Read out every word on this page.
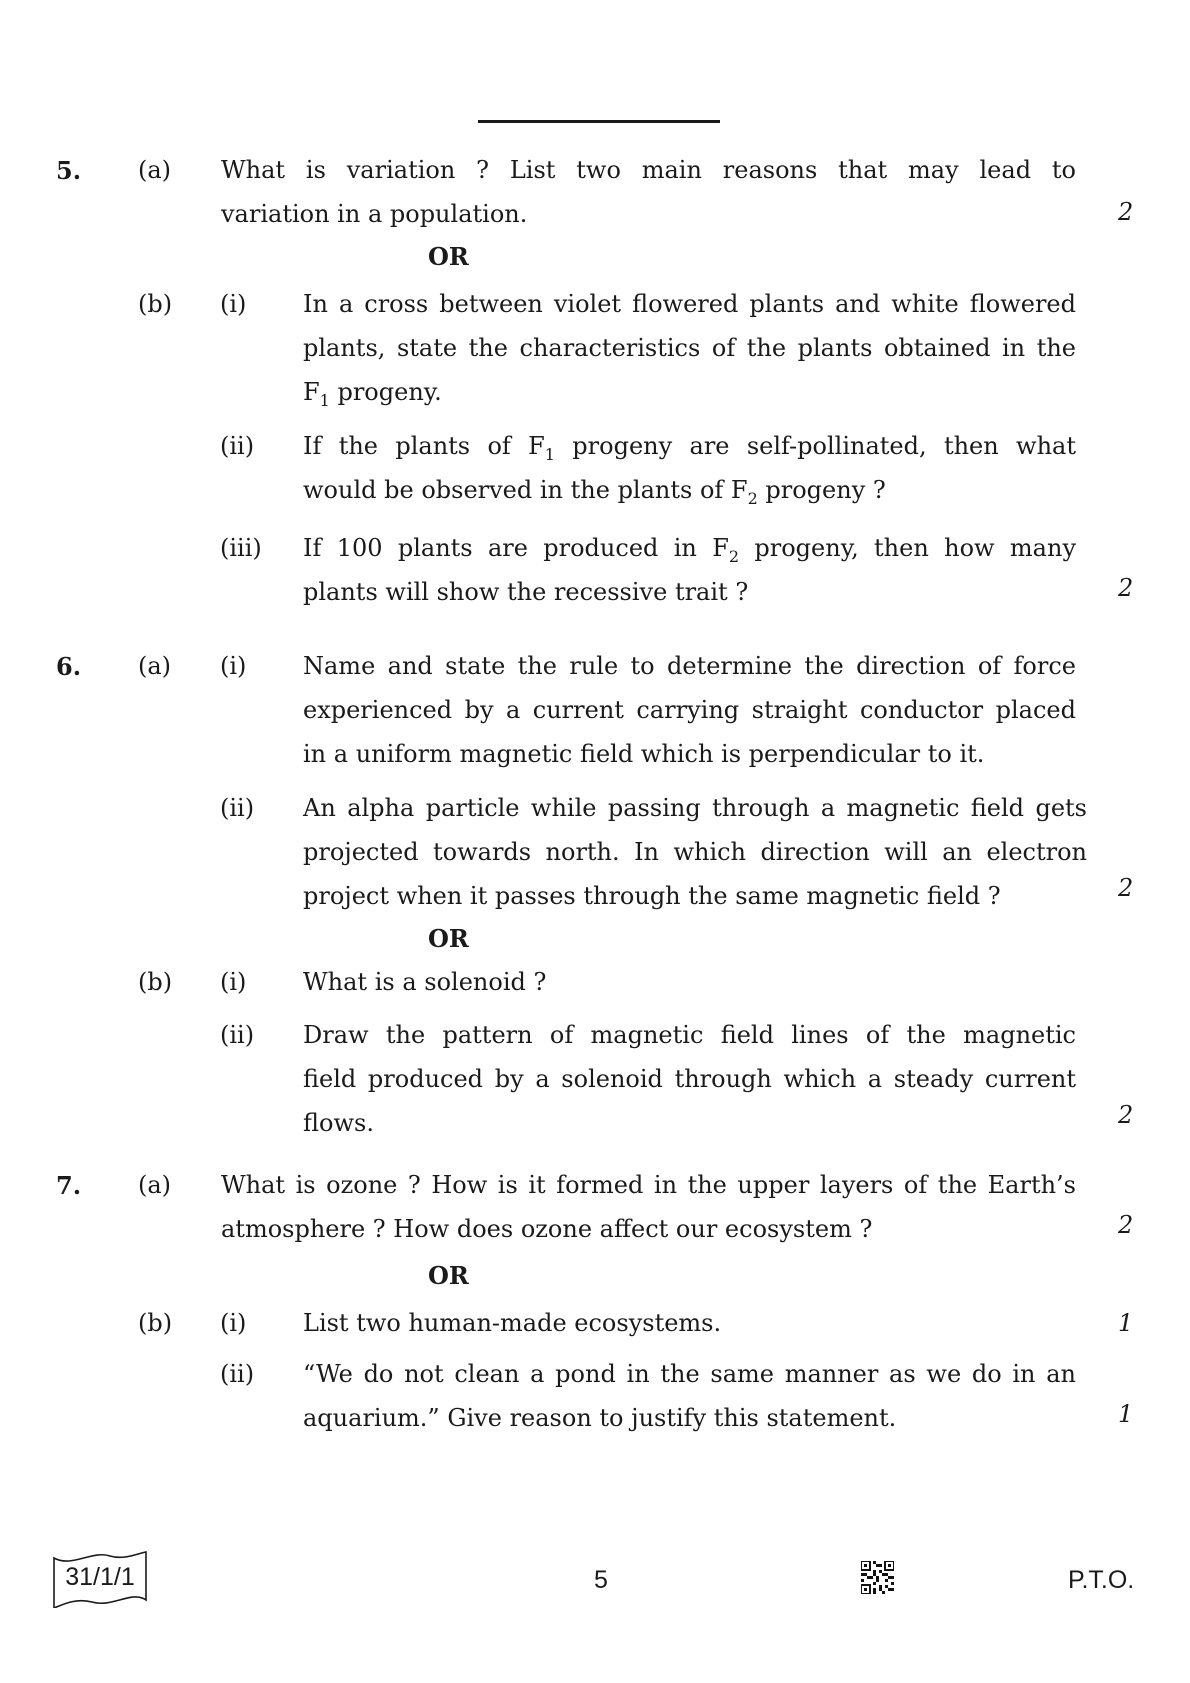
5. (a) What is variation ? List two main reasons that may lead to
variation in a population.	2
OR
(b) (i) In a cross between violet flowered plants and white flowered
plants, state the characteristics of the plants obtained in the
$F_1$ progeny.
(ii) If the plants of $F_1$ progeny are self-pollinated, then what
would be observed in the plants of $F_2$ progeny ?
(iii) If 100 plants are produced in $F_2$ progeny, then how many
plants will show the recessive trait ?	2
6. (a) (i) Name and state the rule to determine the direction of force
experienced by a current carrying straight conductor placed
in a uniform magnetic field which is perpendicular to it.
(ii) An alpha particle while passing through a magnetic field gets
projected towards north. In which direction will an electron
project when it passes through the same magnetic field ?	2
OR
(b) (i) What is a solenoid ?
(ii) Draw the pattern of magnetic field lines of the magnetic
field produced by a solenoid through which a steady current
flows.	2
7. (a) What is ozone ? How is it formed in the upper layers of the Earth’s
atmosphere ? How does ozone affect our ecosystem ?	2
OR
(b) (i) List two human-made ecosystems.	1
(ii) “We do not clean a pond in the same manner as we do in an
aquarium.” Give reason to justify this statement.	1
31/1/1	5	P.T.O.
